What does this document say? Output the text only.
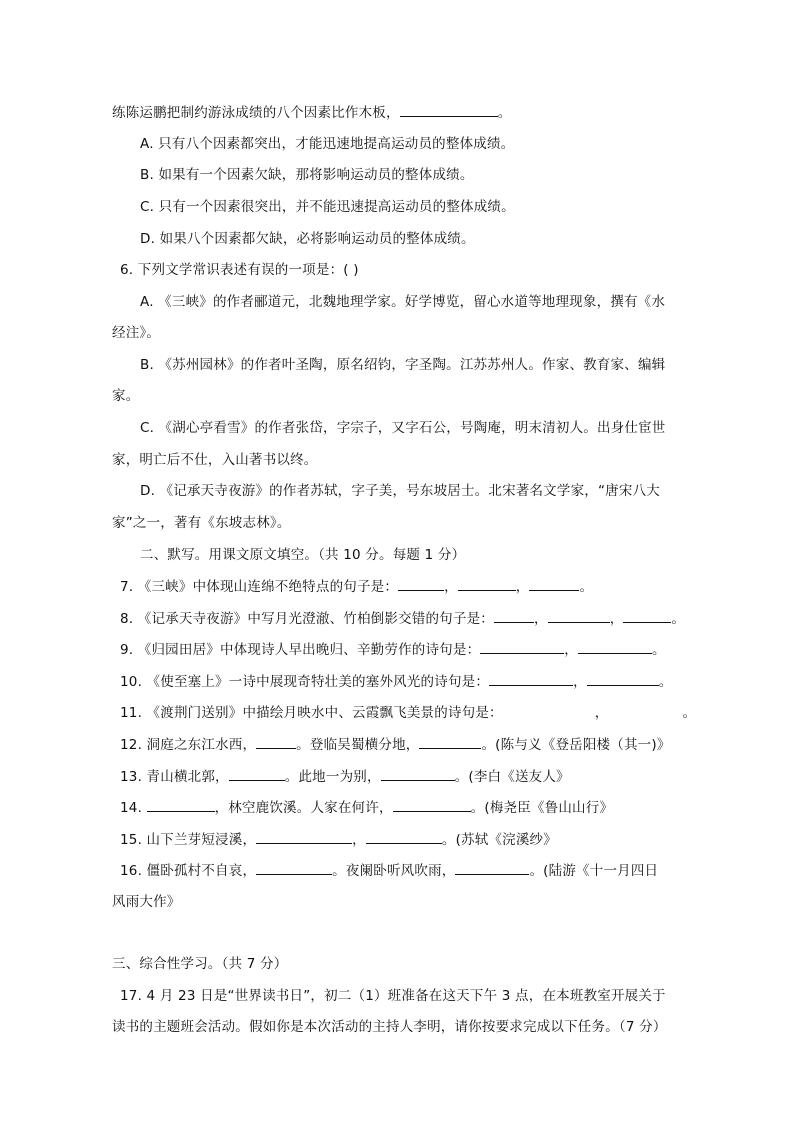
练陈运鹏把制约游泳成绩的八个因素比作木板，	。
A. 只有八个因素都突出，才能迅速地提高运动员的整体成绩。
B. 如果有一个因素欠缺，那将影响运动员的整体成绩。
C. 只有一个因素很突出，并不能迅速提高运动员的整体成绩。
D. 如果八个因素都欠缺，必将影响运动员的整体成绩。
6. 下列文学常识表述有误的一项是：( )
A. 《三峡》的作者郦道元，北魏地理学家。好学博览，留心水道等地理现象，撰有《水
经注》。
B. 《苏州园林》的作者叶圣陶，原名绍钧，字圣陶。江苏苏州人。作家、教育家、编辑
家。
C. 《湖心亭看雪》的作者张岱，字宗子，又字石公，号陶庵，明末清初人。出身仕宦世
家，明亡后不仕，入山著书以终。
D. 《记承天寺夜游》的作者苏轼，字子美，号东坡居士。北宋著名文学家，“唐宋八大
家”之一，著有《东坡志林》。
二、默写。用课文原文填空。（共 10 分。每题 1 分）
7. 《三峡》中体现山连绵不绝特点的句子是：	，	，	。
8. 《记承天寺夜游》中写月光澄澈、竹柏倒影交错的句子是：	，	，	。
9. 《归园田居》中体现诗人早出晚归、辛勤劳作的诗句是：	，	。
10. 《使至塞上》一诗中展现奇特壮美的塞外风光的诗句是：	，	。
11. 《渡荆门送别》中描绘月映水中、云霞飘飞美景的诗句是：	，	。
12. 洞庭之东江水西，	。登临吴蜀横分地，	。(陈与义《登岳阳楼（其一)》
13. 青山横北郭，	。此地一为别，	。(李白《送友人》
14.	，林空鹿饮溪。人家在何许，	。(梅尧臣《鲁山山行》
15. 山下兰芽短浸溪，	，	。(苏轼《浣溪纱》
16. 僵卧孤村不自哀，	。夜阑卧听风吹雨，	。(陆游《十一月四日
风雨大作》
三、综合性学习。（共 7 分）
17. 4 月 23 日是“世界读书日”，初二（1）班准备在这天下午 3 点，在本班教室开展关于
读书的主题班会活动。假如你是本次活动的主持人李明，请你按要求完成以下任务。（7 分）
